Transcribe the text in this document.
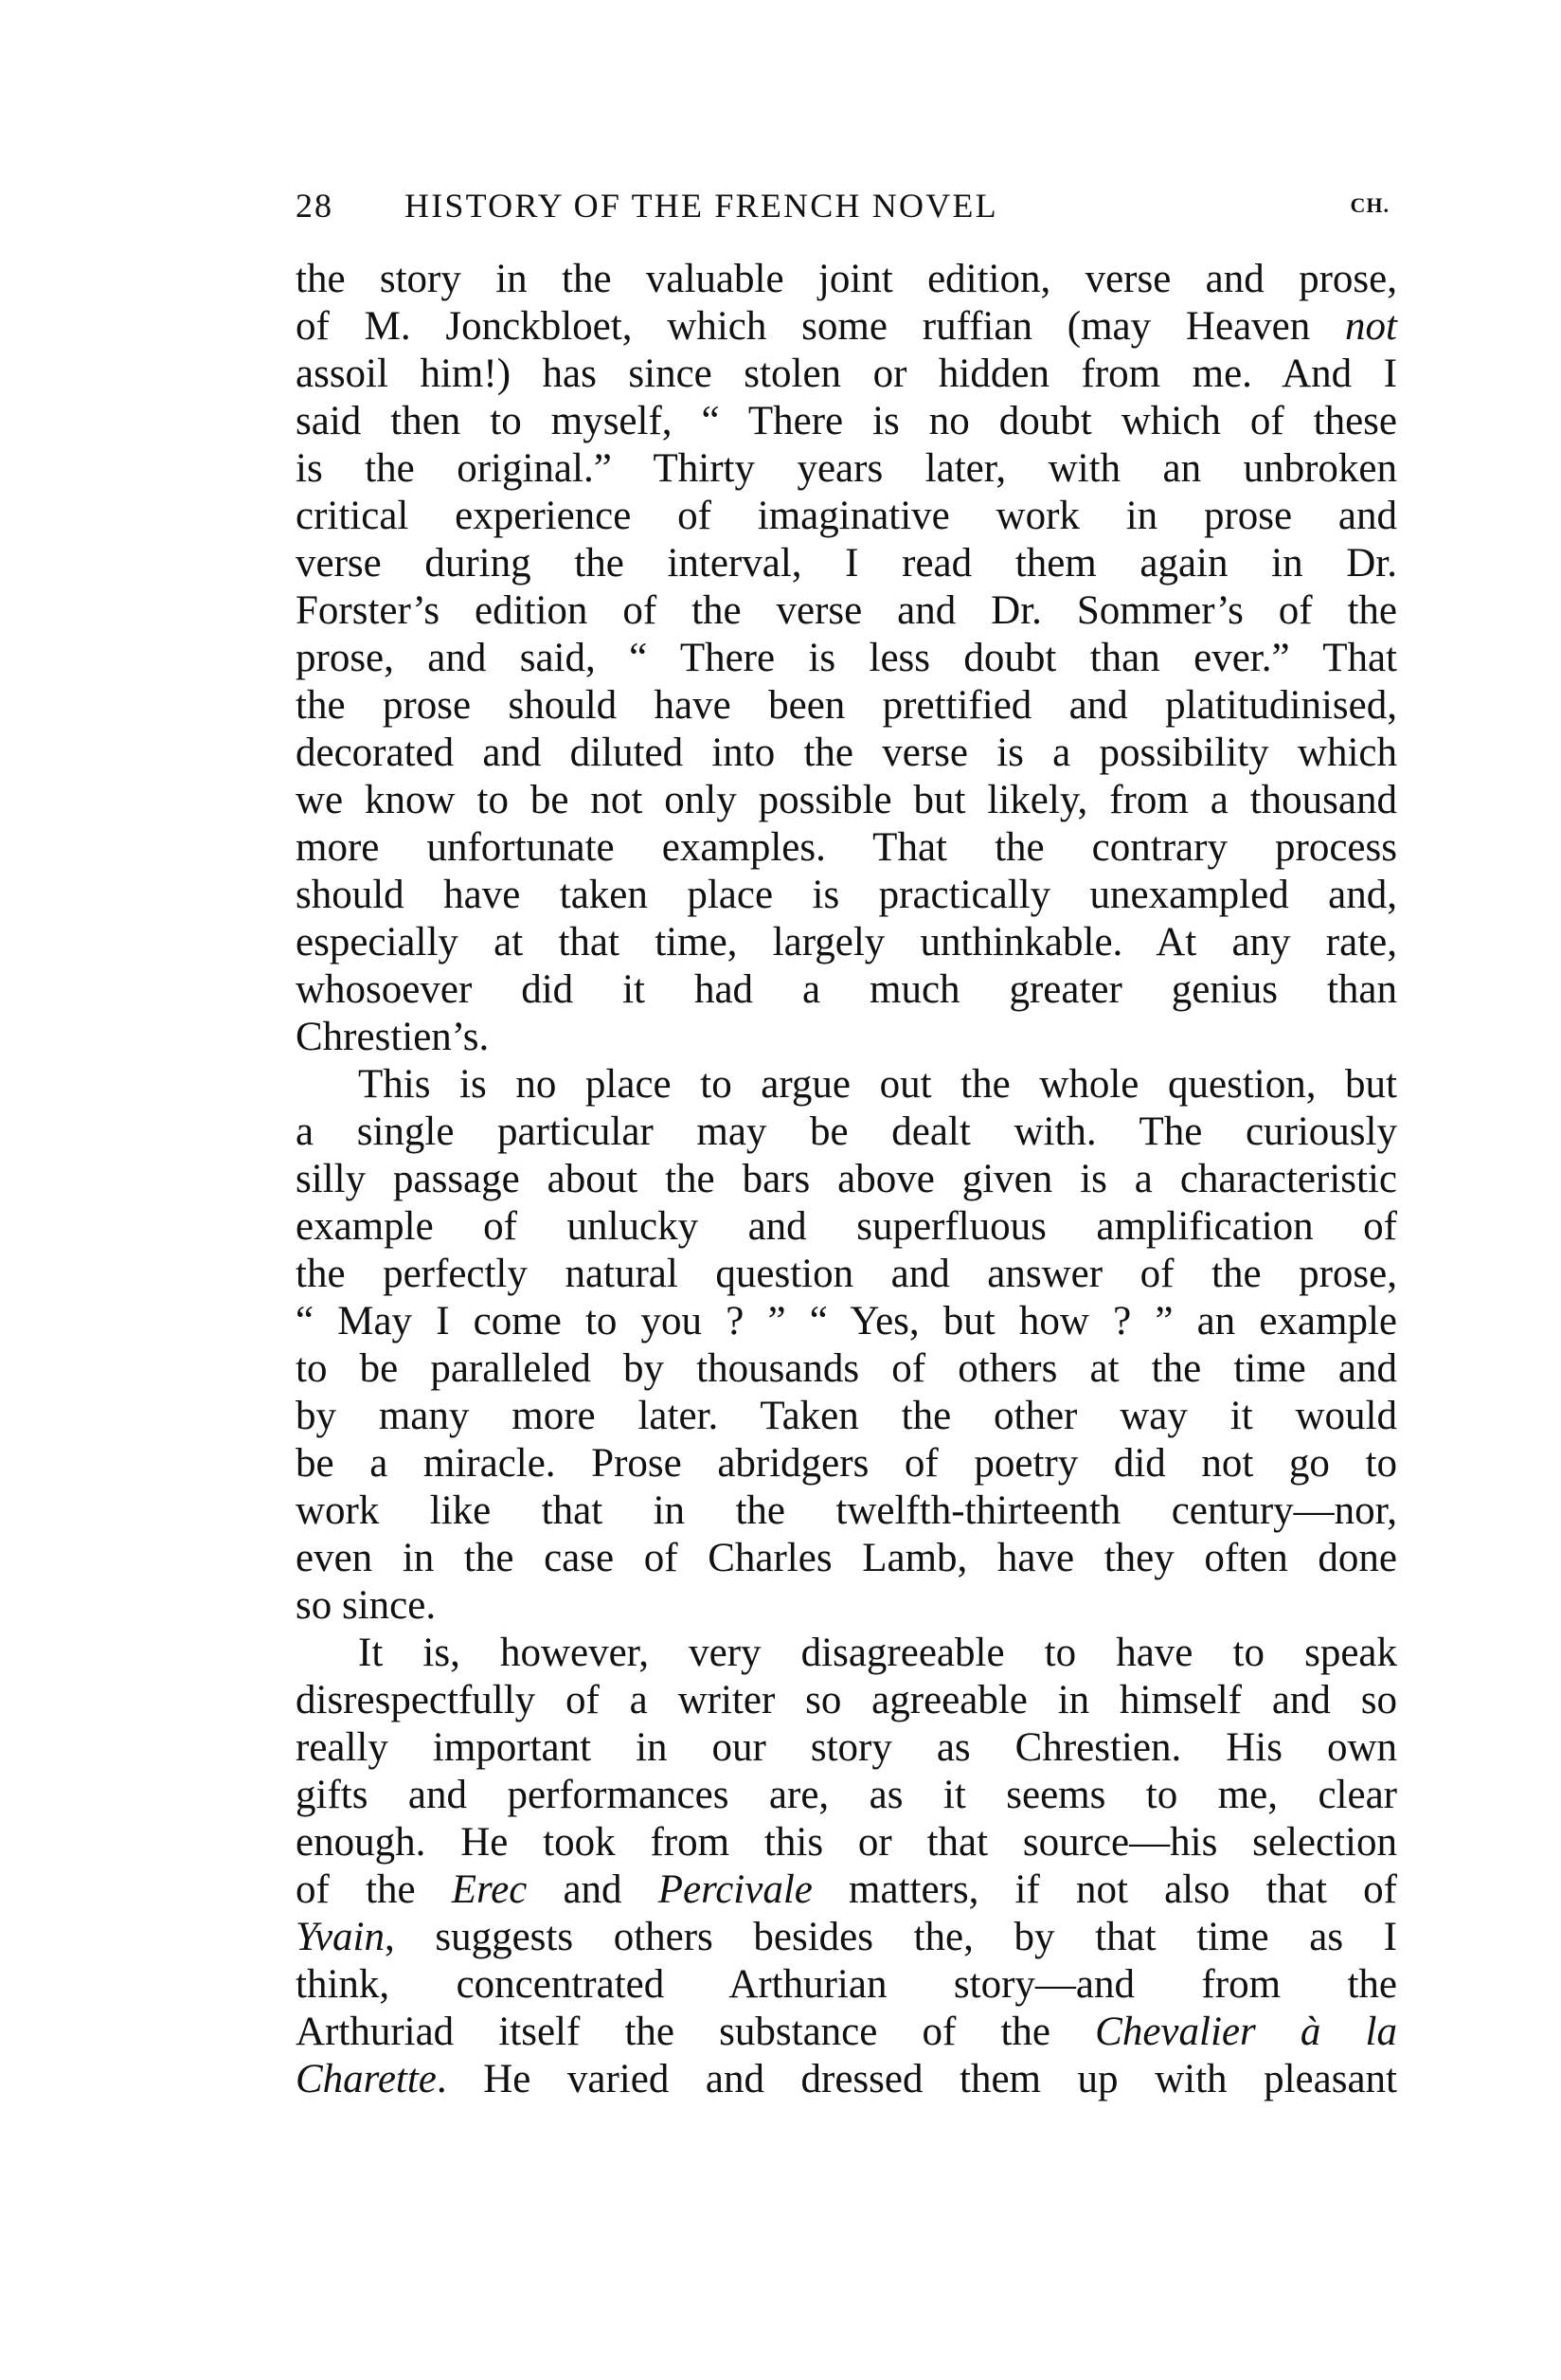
28 HISTORY OF THE FRENCH NOVEL	CH.
the story in the valuable joint edition, verse and prose,
of M. Jonckbloet, which some ruffian (may Heaven not
assoil him!) has since stolen or hidden from me. And I
said then to myself, “ There is no doubt which of these
is the original.” Thirty years later, with an unbroken
critical experience of imaginative work in prose and
verse during the interval, I read them again in Dr.
Forster’s edition of the verse and Dr. Sommer’s of the
prose, and said, “ There is less doubt than ever.” That
the prose should have been prettified and platitudinised,
decorated and diluted into the verse is a possibility which
we know to be not only possible but likely, from a thousand
more unfortunate examples. That the contrary process
should have taken place is practically unexampled and,
especially at that time, largely unthinkable. At any rate,
whosoever did it had a much greater genius than
Chrestien’s.
This is no place to argue out the whole question, but
a single particular may be dealt with. The curiously
silly passage about the bars above given is a characteristic
example of unlucky and superfluous amplification of
the perfectly natural question and answer of the prose,
“ May I come to you ? ” “ Yes, but how ? ” an example
to be paralleled by thousands of others at the time and
by many more later. Taken the other way it would
be a miracle. Prose abridgers of poetry did not go to
work like that in the twelfth-thirteenth century—nor,
even in the case of Charles Lamb, have they often done
so since.
It is, however, very disagreeable to have to speak
disrespectfully of a writer so agreeable in himself and so
really important in our story as Chrestien. His own
gifts and performances are, as it seems to me, clear
enough. He took from this or that source—his selection
of the Erec and Percivale matters, if not also that of
Yvain, suggests others besides the, by that time as I
think, concentrated Arthurian story—and from the
Arthuriad itself the substance of the Chevalier à la
Charette. He varied and dressed them up with pleasant
